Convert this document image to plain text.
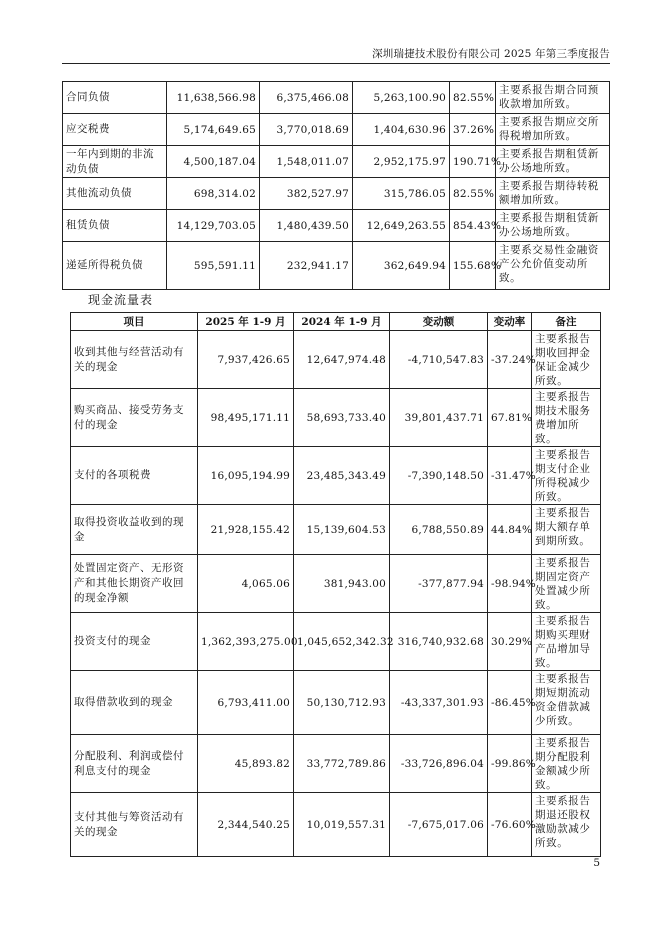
深圳瑞捷技术股份有限公司 2025 年第三季度报告
合同负债	11,638,566.98	6,375,466.08	5,263,100.90	82.55%	主要系报告期合同预收款增加所致。
应交税费	5,174,649.65	3,770,018.69	1,404,630.96	37.26%	主要系报告期应交所得税增加所致。
一年内到期的非流动负债	4,500,187.04	1,548,011.07	2,952,175.97	190.71%	主要系报告期租赁新办公场地所致。
其他流动负债	698,314.02	382,527.97	315,786.05	82.55%	主要系报告期待转税额增加所致。
租赁负债	14,129,703.05	1,480,439.50	12,649,263.55	854.43%	主要系报告期租赁新办公场地所致。
递延所得税负债	595,591.11	232,941.17	362,649.94	155.68%	主要系交易性金融资产公允价值变动所致。
现金流量表
项目	2025 年 1-9 月	2024 年 1-9 月	变动额	变动率	备注
收到其他与经营活动有关的现金	7,937,426.65	12,647,974.48	-4,710,547.83	-37.24%	主要系报告期收回押金保证金减少所致。
购买商品、接受劳务支付的现金	98,495,171.11	58,693,733.40	39,801,437.71	67.81%	主要系报告期技术服务费增加所致。
支付的各项税费	16,095,194.99	23,485,343.49	-7,390,148.50	-31.47%	主要系报告期支付企业所得税减少所致。
取得投资收益收到的现金	21,928,155.42	15,139,604.53	6,788,550.89	44.84%	主要系报告期大额存单到期所致。
处置固定资产、无形资产和其他长期资产收回的现金净额	4,065.06	381,943.00	-377,877.94	-98.94%	主要系报告期固定资产处置减少所致。
投资支付的现金	1,362,393,275.00	1,045,652,342.32	316,740,932.68	30.29%	主要系报告期购买理财产品增加导致。
取得借款收到的现金	6,793,411.00	50,130,712.93	-43,337,301.93	-86.45%	主要系报告期短期流动资金借款减少所致。
分配股利、利润或偿付利息支付的现金	45,893.82	33,772,789.86	-33,726,896.04	-99.86%	主要系报告期分配股利金额减少所致。
支付其他与筹资活动有关的现金	2,344,540.25	10,019,557.31	-7,675,017.06	-76.60%	主要系报告期退还股权激励款减少所致。
5
